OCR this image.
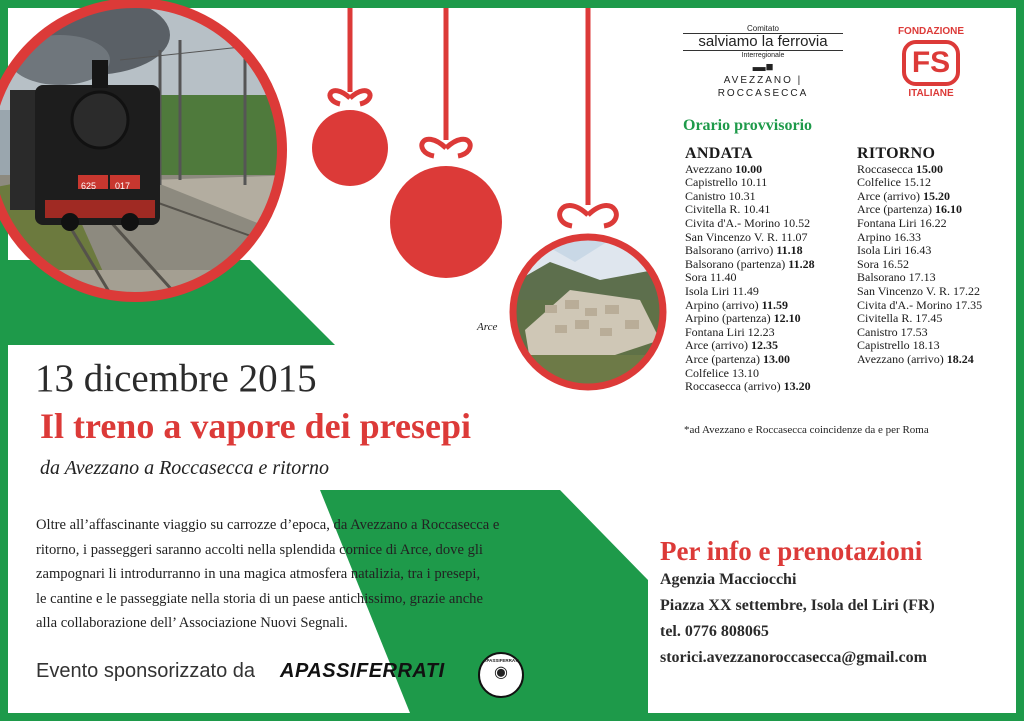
Comitato
salviamo la ferrovia
Interregionale
▬■
AVEZZANO | ROCCASECCA
FONDAZIONE
FS
ITALIANE
625 017
Arce
Orario provvisorio
ANDATA
Avezzano 10.00
Capistrello 10.11
Canistro 10.31
Civitella R. 10.41
Civita d'A.- Morino 10.52
San Vincenzo V. R. 11.07
Balsorano (arrivo) 11.18
Balsorano (partenza) 11.28
Sora 11.40
Isola Liri 11.49
Arpino (arrivo) 11.59
Arpino (partenza) 12.10
Fontana Liri 12.23
Arce (arrivo) 12.35
Arce (partenza) 13.00
Colfelice 13.10
Roccasecca (arrivo) 13.20
RITORNO
Roccasecca 15.00
Colfelice 15.12
Arce (arrivo) 15.20
Arce (partenza) 16.10
Fontana Liri 16.22
Arpino 16.33
Isola Liri 16.43
Sora 16.52
Balsorano 17.13
San Vincenzo V. R. 17.22
Civita d'A.- Morino 17.35
Civitella R. 17.45
Canistro 17.53
Capistrello 18.13
Avezzano (arrivo) 18.24
*ad Avezzano e Roccasecca coincidenze da e per Roma
13 dicembre 2015
Il treno a vapore dei presepi
da Avezzano a Roccasecca e ritorno
Oltre all’affascinante viaggio su carrozze d’epoca, da Avezzano a Roccasecca e
ritorno, i passeggeri saranno accolti nella splendida cornice di Arce, dove gli
zampognari li introdurranno in una magica atmosfera natalizia, tra i presepi,
le cantine e le passeggiate nella storia di un paese antichissimo, grazie anche
alla collaborazione dell’ Associazione Nuovi Segnali.
Evento sponsorizzato da APASSIFERRATI	APASSIFERRATI
◉
Per info e prenotazioni
Agenzia Macciocchi
Piazza XX settembre, Isola del Liri (FR)
tel. 0776 808065
storici.avezzanoroccasecca@gmail.com
